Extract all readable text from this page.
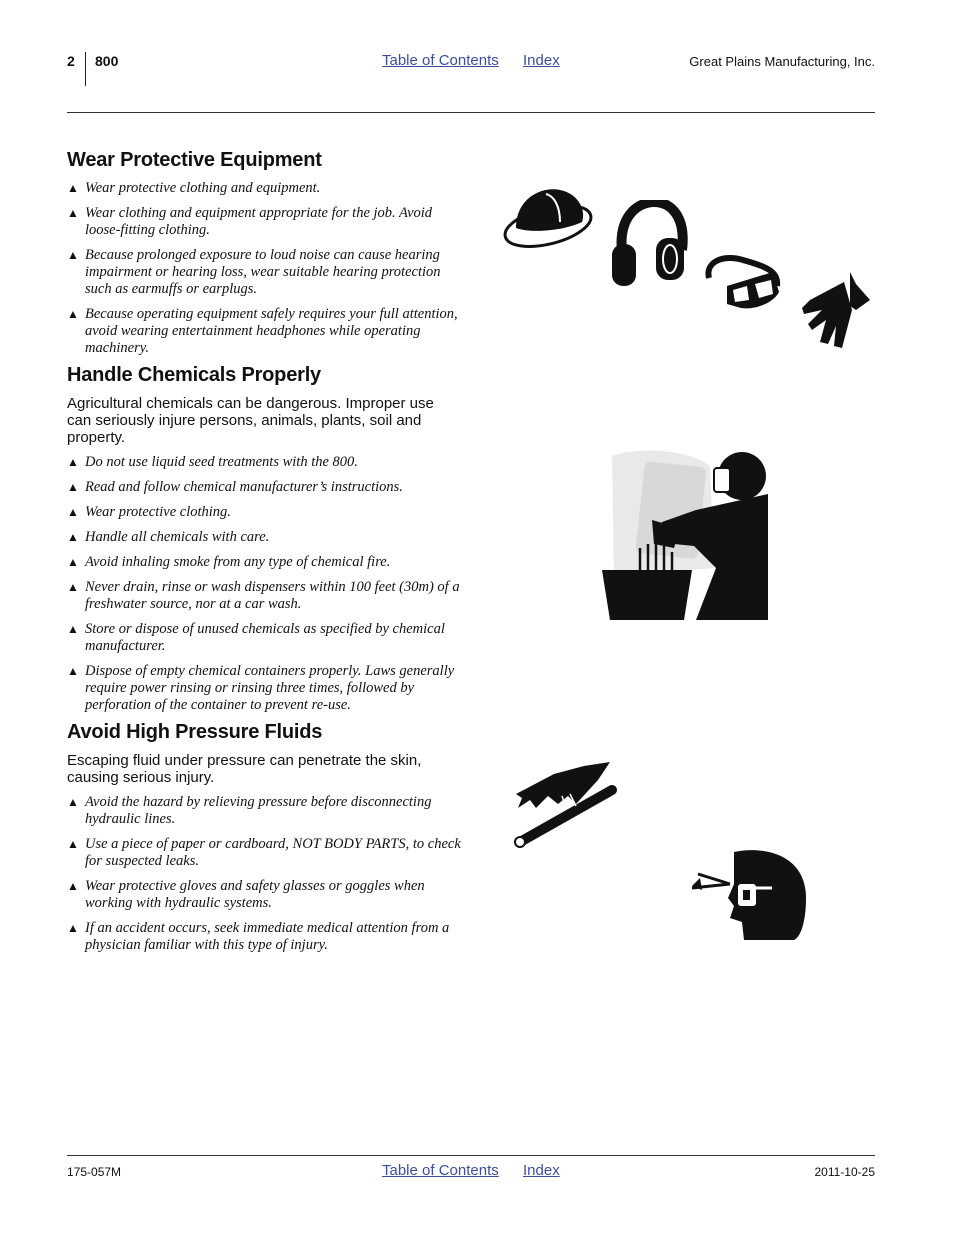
2 800	Table of Contents Index	Great Plains Manufacturing, Inc.
Wear Protective Equipment
▲ Wear protective clothing and equipment.
▲ Wear clothing and equipment appropriate for the job. Avoid loose-fitting clothing.
▲ Because prolonged exposure to loud noise can cause hearing impairment or hearing loss, wear suitable hearing protection such as earmuffs or earplugs.
▲ Because operating equipment safely requires your full attention, avoid wearing entertainment headphones while operating machinery.
Handle Chemicals Properly

Agricultural chemicals can be dangerous. Improper use can seriously injure persons, animals, plants, soil and property.

▲ Do not use liquid seed treatments with the 800.
▲ Read and follow chemical manufacturer’s instructions.
▲ Wear protective clothing.
▲ Handle all chemicals with care.
▲ Avoid inhaling smoke from any type of chemical fire.
▲ Never drain, rinse or wash dispensers within 100 feet (30m) of a freshwater source, nor at a car wash.
▲ Store or dispose of unused chemicals as specified by chemical manufacturer.
▲ Dispose of empty chemical containers properly. Laws generally require power rinsing or rinsing three times, followed by perforation of the container to prevent re-use.
Avoid High Pressure Fluids

Escaping fluid under pressure can penetrate the skin, causing serious injury.

▲ Avoid the hazard by relieving pressure before disconnecting hydraulic lines.
▲ Use a piece of paper or cardboard, NOT BODY PARTS, to check for suspected leaks.
▲ Wear protective gloves and safety glasses or goggles when working with hydraulic systems.
▲ If an accident occurs, seek immediate medical attention from a physician familiar with this type of injury.
175-057M	Table of Contents Index	2011-10-25
